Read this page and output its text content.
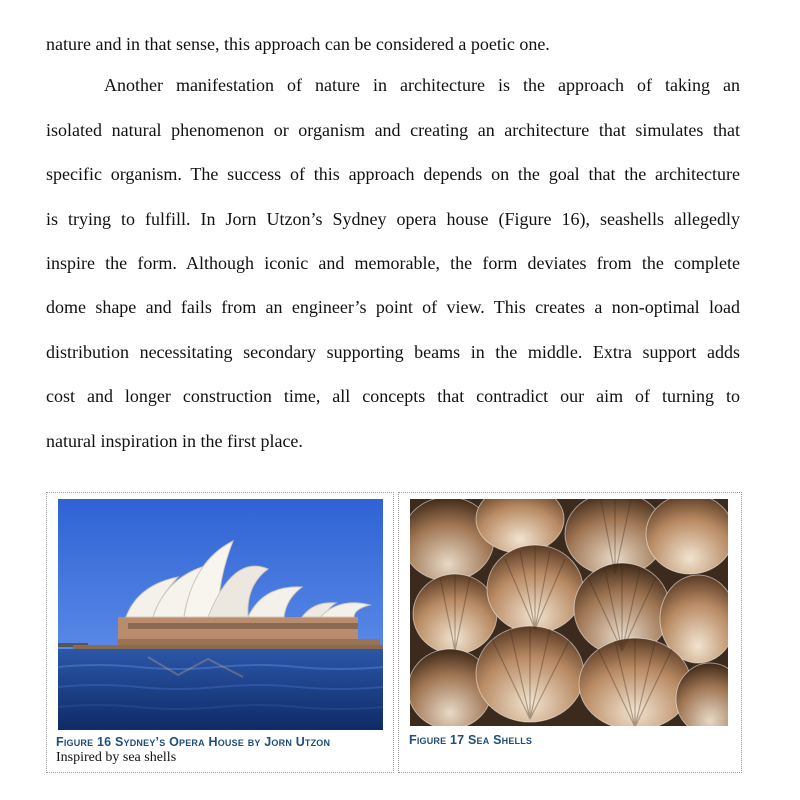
nature and in that sense, this approach can be considered a poetic one.
Another manifestation of nature in architecture is the approach of taking an
isolated natural phenomenon or organism and creating an architecture that simulates that
specific organism. The success of this approach depends on the goal that the architecture
is trying to fulfill. In Jorn Utzon’s Sydney opera house (Figure 16), seashells allegedly
inspire the form. Although iconic and memorable, the form deviates from the complete
dome shape and fails from an engineer’s point of view. This creates a non-optimal load
distribution necessitating secondary supporting beams in the middle. Extra support adds
cost and longer construction time, all concepts that contradict our aim of turning to
natural inspiration in the first place.
Figure 16 Sydney’s Opera House by Jorn Utzon
Inspired by sea shells
Figure 17 Sea Shells
